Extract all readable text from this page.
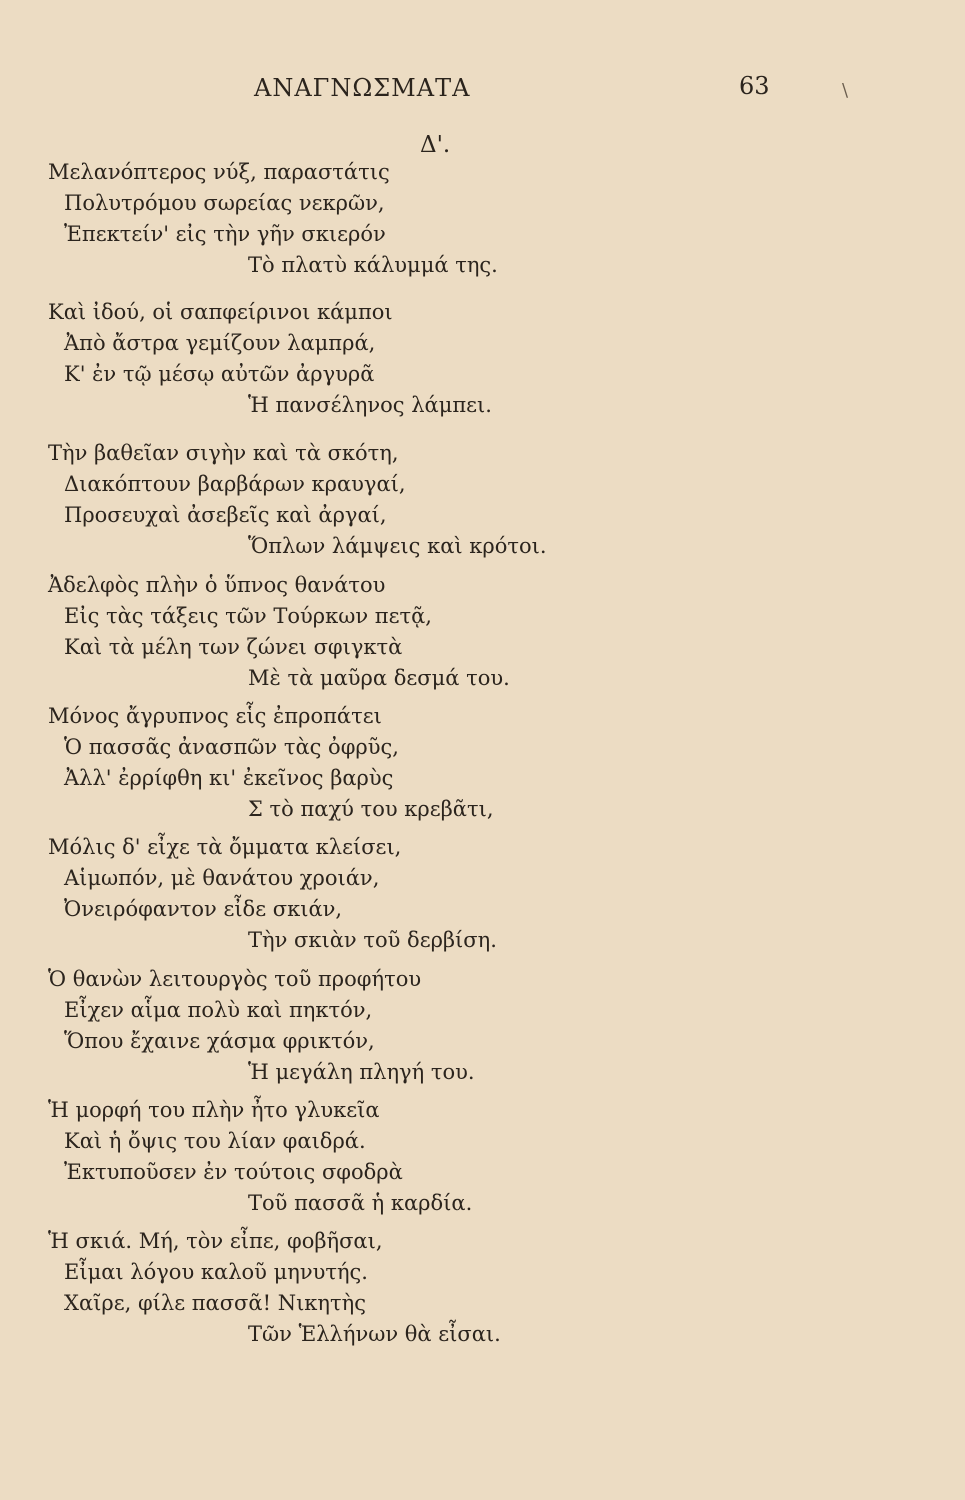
ΑΝΑΓΝΩΣΜΑΤΑ	63	\
Δ'.
Μελανόπτερος νύξ, παραστάτις
Πολυτρόμου σωρείας νεκρῶν,
Ἐπεκτείν' εἰς τὴν γῆν σκιερόν
Τὸ πλατὺ κάλυμμά της.
Καὶ ἰδού, οἱ σαπφείρινοι κάμποι
Ἀπὸ ἄστρα γεμίζουν λαμπρά,
Κ' ἐν τῷ μέσῳ αὐτῶν ἀργυρᾶ
Ἡ πανσέληνος λάμπει.
Τὴν βαθεῖαν σιγὴν καὶ τὰ σκότη,
Διακόπτουν βαρβάρων κραυγαί,
Προσευχαὶ ἀσεβεῖς καὶ ἀργαί,
Ὅπλων λάμψεις καὶ κρότοι.
Ἀδελφὸς πλὴν ὁ ὕπνος θανάτου
Εἰς τὰς τάξεις τῶν Τούρκων πετᾷ,
Καὶ τὰ μέλη των ζώνει σφιγκτὰ
Μὲ τὰ μαῦρα δεσμά του.
Μόνος ἄγρυπνος εἷς ἐπροπάτει
Ὁ πασσᾶς ἀνασπῶν τὰς ὀφρῦς,
Ἀλλ' ἐρρίφθη κι' ἐκεῖνος βαρὺς
Σ τὸ παχύ του κρεβᾶτι,
Μόλις δ' εἶχε τὰ ὄμματα κλείσει,
Αἱμωπόν, μὲ θανάτου χροιάν,
Ὀνειρόφαντον εἶδε σκιάν,
Τὴν σκιὰν τοῦ δερβίση.
Ὁ θανὼν λειτουργὸς τοῦ προφήτου
Εἶχεν αἷμα πολὺ καὶ πηκτόν,
Ὅπου ἔχαινε χάσμα φρικτόν,
Ἡ μεγάλη πληγή του.
Ἡ μορφή του πλὴν ἦτο γλυκεῖα
Καὶ ἡ ὄψις του λίαν φαιδρά.
Ἐκτυποῦσεν ἐν τούτοις σφοδρὰ
Τοῦ πασσᾶ ἡ καρδία.
Ἡ σκιά. Μή, τὸν εἶπε, φοβῆσαι,
Εἶμαι λόγου καλοῦ μηνυτής.
Χαῖρε, φίλε πασσᾶ! Νικητὴς
Τῶν Ἑλλήνων θὰ εἶσαι.
